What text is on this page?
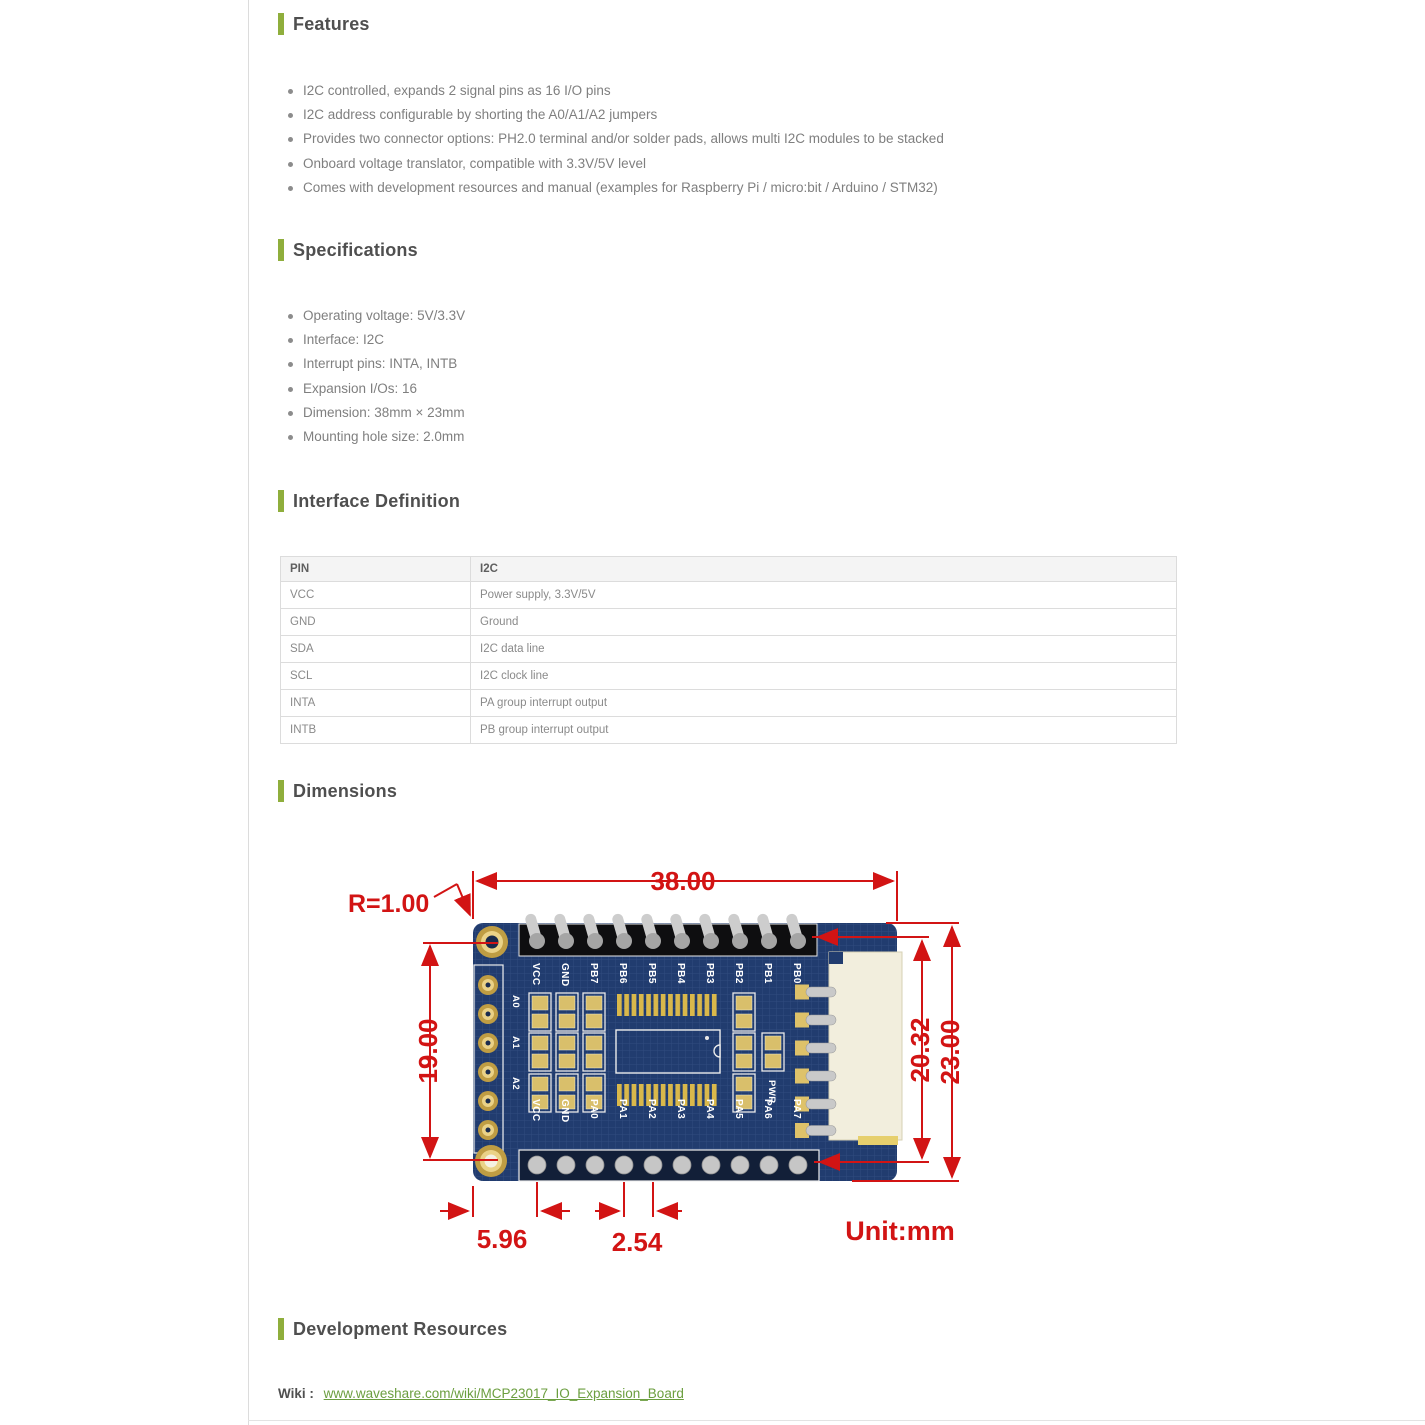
Features
I2C controlled, expands 2 signal pins as 16 I/O pins
I2C address configurable by shorting the A0/A1/A2 jumpers
Provides two connector options: PH2.0 terminal and/or solder pads, allows multi I2C modules to be stacked
Onboard voltage translator, compatible with 3.3V/5V level
Comes with development resources and manual (examples for Raspberry Pi / micro:bit / Arduino / STM32)
Specifications
Operating voltage: 5V/3.3V
Interface: I2C
Interrupt pins: INTA, INTB
Expansion I/Os: 16
Dimension: 38mm × 23mm
Mounting hole size: 2.0mm
Interface Definition
PIN	I2C
VCC	Power supply, 3.3V/5V
GND	Ground
SDA	I2C data line
SCL	I2C clock line
INTA	PA group interrupt output
INTB	PB group interrupt output
Dimensions
VCC GND PB7 PB6 PB5 PB4 PB3 PB2 PB1 PB0
A0
A1
A2	PWR
VCC GND PA0 PA1 PA2 PA3 PA4 PA5 PA6 PA7
38.00
R=1.00
19.00	20.32 23.00
5.96	2.54	Unit:mm
Development Resources
Wiki : www.waveshare.com/wiki/MCP23017_IO_Expansion_Board
